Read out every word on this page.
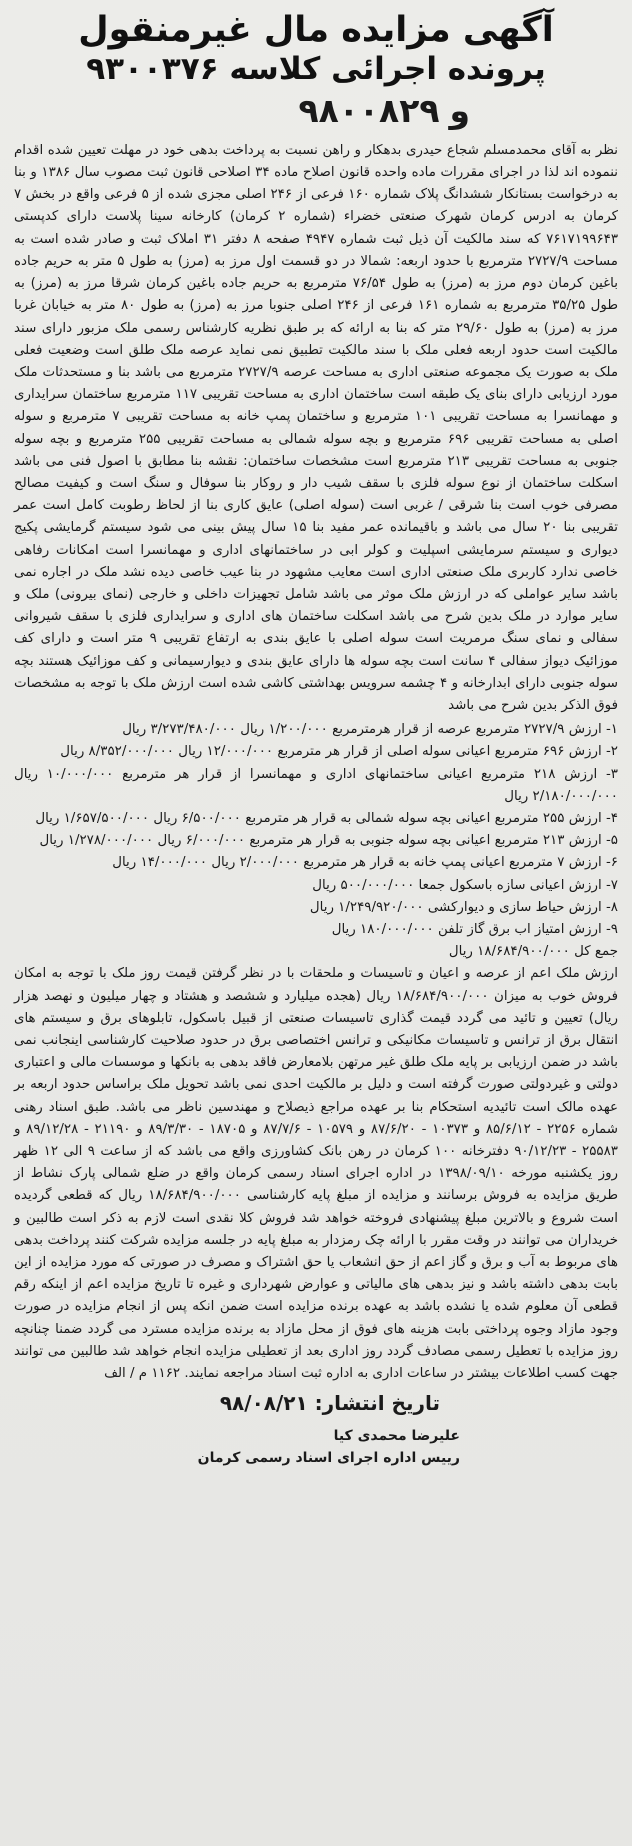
آگهی مزایده مال غیرمنقول
پرونده اجرائی کلاسه ۹۳۰۰۳۷۶
و
۹۸۰۰۸۲۹

نظر به آقای محمدمسلم شجاع حیدری بدهکار و راهن نسبت به پرداخت بدهی خود در مهلت تعیین شده اقدام ننموده اند لذا در اجرای مقررات ماده واحده قانون اصلاح ماده ۳۴ اصلاحی قانون ثبت مصوب سال ۱۳۸۶ و بنا به درخواست بستانکار ششدانگ پلاک شماره ۱۶۰ فرعی از ۲۴۶ اصلی مجزی شده از ۵ فرعی واقع در بخش ۷ کرمان به ادرس کرمان شهرک صنعتی خضراء (شماره ۲ کرمان) کارخانه سینا پلاست دارای کدپستی ۷۶۱۷۱۹۹۶۴۳ که سند مالکیت آن ذیل ثبت شماره ۴۹۴۷ صفحه ۸ دفتر ۳۱ املاک ثبت و صادر شده است به مساحت ۲۷۲۷/۹ مترمربع با حدود اربعه: شمالا در دو قسمت اول مرز به (مرز) به طول ۵ متر به حریم جاده باغین کرمان دوم مرز به (مرز) به طول ۷۶/۵۴ مترمربع به حریم جاده باغین کرمان شرقا مرز به (مرز) به طول ۳۵/۲۵ مترمربع به شماره ۱۶۱ فرعی از ۲۴۶ اصلی جنوبا مرز به (مرز) به طول ۸۰ متر به خیابان غربا مرز به (مرز) به طول ۲۹/۶۰ متر که بنا به ارائه که بر طبق نظریه کارشناس رسمی ملک مزبور دارای سند مالکیت است حدود اربعه فعلی ملک با سند مالکیت تطبیق نمی نماید عرصه ملک طلق است وضعیت فعلی ملک به صورت یک مجموعه صنعتی اداری به مساحت عرصه ۲۷۲۷/۹ مترمربع می باشد بنا و مستحدثات ملک مورد ارزیابی دارای بنای یک طبقه است ساختمان اداری به مساحت تقریبی ۱۱۷ مترمربع ساختمان سرایداری و مهمانسرا به مساحت تقریبی ۱۰۱ مترمربع و ساختمان پمپ خانه به مساحت تقریبی ۷ مترمربع و سوله اصلی به مساحت تقریبی ۶۹۶ مترمربع و بچه سوله شمالی به مساحت تقریبی ۲۵۵ مترمربع و بچه سوله جنوبی به مساحت تقریبی ۲۱۳ مترمربع است مشخصات ساختمان: نقشه بنا مطابق با اصول فنی می باشد اسکلت ساختمان از نوع سوله فلزی با سقف شیب دار و روکار بنا سوفال و سنگ است و کیفیت مصالح مصرفی خوب است بنا شرقی / غربی است (سوله اصلی) عایق کاری بنا از لحاظ رطوبت کامل است عمر تقریبی بنا ۲۰ سال می باشد و باقیمانده عمر مفید بنا ۱۵ سال پیش بینی می شود سیستم گرمایشی پکیج دیواری و سیستم سرمایشی اسپلیت و کولر ابی در ساختمانهای اداری و مهمانسرا است امکانات رفاهی خاصی ندارد کاربری ملک صنعتی اداری است معایب مشهود در بنا عیب خاصی دیده نشد ملک در اجاره نمی باشد سایر عواملی که در ارزش ملک موثر می باشد شامل تجهیزات داخلی و خارجی (نمای بیرونی) ملک و سایر موارد در ملک بدین شرح می باشد اسکلت ساختمان های اداری و سرایداری فلزی با سقف شیروانی سفالی و نمای سنگ مرمریت است سوله اصلی با عایق بندی به ارتفاع تقریبی ۹ متر است و دارای کف موزائیک دیواز سفالی ۴ سانت است بچه سوله ها دارای عایق بندی و دیوارسیمانی و کف موزائیک هستند بچه سوله جنوبی دارای ابدارخانه و ۴ چشمه سرویس بهداشتی کاشی شده است ارزش ملک با توجه به مشخصات فوق الذکر بدین شرح می باشد

۱- ارزش ۲۷۲۷/۹ مترمربع عرصه از قرار هرمترمربع ۱/۲۰۰/۰۰۰ ریال ۳/۲۷۳/۴۸۰/۰۰۰ ریال

۲- ارزش ۶۹۶ مترمربع اعیانی سوله اصلی از قرار هر مترمربع ۱۲/۰۰۰/۰۰۰ ریال ۸/۳۵۲/۰۰۰/۰۰۰ ریال

۳- ارزش ۲۱۸ مترمربع اعیانی ساختمانهای اداری و مهمانسرا از قرار هر مترمربع ۱۰/۰۰۰/۰۰۰ ریال ۲/۱۸۰/۰۰۰/۰۰۰ ریال

۴- ارزش ۲۵۵ مترمربع اعیانی بچه سوله شمالی به قرار هر مترمربع ۶/۵۰۰/۰۰۰ ریال ۱/۶۵۷/۵۰۰/۰۰۰ ریال

۵- ارزش ۲۱۳ مترمربع اعیانی بچه سوله جنوبی به قرار هر مترمربع ۶/۰۰۰/۰۰۰ ریال ۱/۲۷۸/۰۰۰/۰۰۰ ریال

۶- ارزش ۷ مترمربع اعیانی پمپ خانه به قرار هر مترمربع ۲/۰۰۰/۰۰۰ ریال ۱۴/۰۰۰/۰۰۰ ریال

۷- ارزش اعیانی سازه باسکول جمعا ۵۰۰/۰۰۰/۰۰۰ ریال

۸- ارزش حیاط سازی و دیوارکشی ۱/۲۴۹/۹۲۰/۰۰۰ ریال

۹- ارزش امتیاز اب برق گاز تلفن ۱۸۰/۰۰۰/۰۰۰ ریال

جمع کل ۱۸/۶۸۴/۹۰۰/۰۰۰ ریال

ارزش ملک اعم از عرصه و اعیان و تاسیسات و ملحقات با در نظر گرفتن قیمت روز ملک با توجه به امکان فروش خوب به میزان ۱۸/۶۸۴/۹۰۰/۰۰۰ ریال (هجده میلیارد و ششصد و هشتاد و چهار میلیون و نهصد هزار ریال) تعیین و تائید می گردد قیمت گذاری تاسیسات صنعتی از قبیل باسکول، تابلوهای برق و سیستم های انتقال برق از ترانس و تاسیسات مکانیکی و ترانس اختصاصی برق در حدود صلاحیت کارشناسی اینجانب نمی باشد در ضمن ارزیابی بر پایه ملک طلق غیر مرتهن بلامعارض فاقد بدهی به بانکها و موسسات مالی و اعتباری دولتی و غیردولتی صورت گرفته است و دلیل بر مالکیت احدی نمی باشد تحویل ملک براساس حدود اربعه بر عهده مالک است تائیدیه استحکام بنا بر عهده مراجع ذیصلاح و مهندسین ناظر می باشد. طبق اسناد رهنی شماره ۲۲۵۶ - ۸۵/۶/۱۲ و ۱۰۳۷۳ - ۸۷/۶/۲۰ و ۱۰۵۷۹ - ۸۷/۷/۶ و ۱۸۷۰۵ - ۸۹/۳/۳۰ و ۲۱۱۹۰ - ۸۹/۱۲/۲۸ و ۲۵۵۸۳ - ۹۰/۱۲/۲۳ دفترخانه ۱۰۰ کرمان در رهن بانک کشاورزی واقع می باشد که از ساعت ۹ الی ۱۲ ظهر روز یکشنبه مورخه ۱۳۹۸/۰۹/۱۰ در اداره اجرای اسناد رسمی کرمان واقع در ضلع شمالی پارک نشاط از طریق مزایده به فروش برسانند و مزایده از مبلغ پایه کارشناسی ۱۸/۶۸۴/۹۰۰/۰۰۰ ریال که قطعی گردیده است شروع و بالاترین مبلغ پیشنهادی فروخته خواهد شد فروش کلا نقدی است لازم به ذکر است طالبین و خریداران می توانند در وقت مقرر با ارائه چک رمزدار به مبلغ پایه در جلسه مزایده شرکت کنند پرداخت بدهی های مربوط به آب و برق و گاز اعم از حق انشعاب یا حق اشتراک و مصرف در صورتی که مورد مزایده از این بابت بدهی داشته باشد و نیز بدهی های مالیاتی و عوارض شهرداری و غیره تا تاریخ مزایده اعم از اینکه رقم قطعی آن معلوم شده یا نشده باشد به عهده برنده مزایده است ضمن انکه پس از انجام مزایده در صورت وجود مازاد وجوه پرداختی بابت هزینه های فوق از محل مازاد به برنده مزایده مسترد می گردد ضمنا چنانچه روز مزایده با تعطیل رسمی مصادف گردد روز اداری بعد از تعطیلی مزایده انجام خواهد شد طالبین می توانند جهت کسب اطلاعات بیشتر در ساعات اداری به اداره ثبت اسناد مراجعه نمایند. ۱۱۶۲ م / الف

تاریخ انتشار: ۹۸/۰۸/۲۱

علیرضا محمدی کیا

رییس اداره اجرای اسناد رسمی کرمان
